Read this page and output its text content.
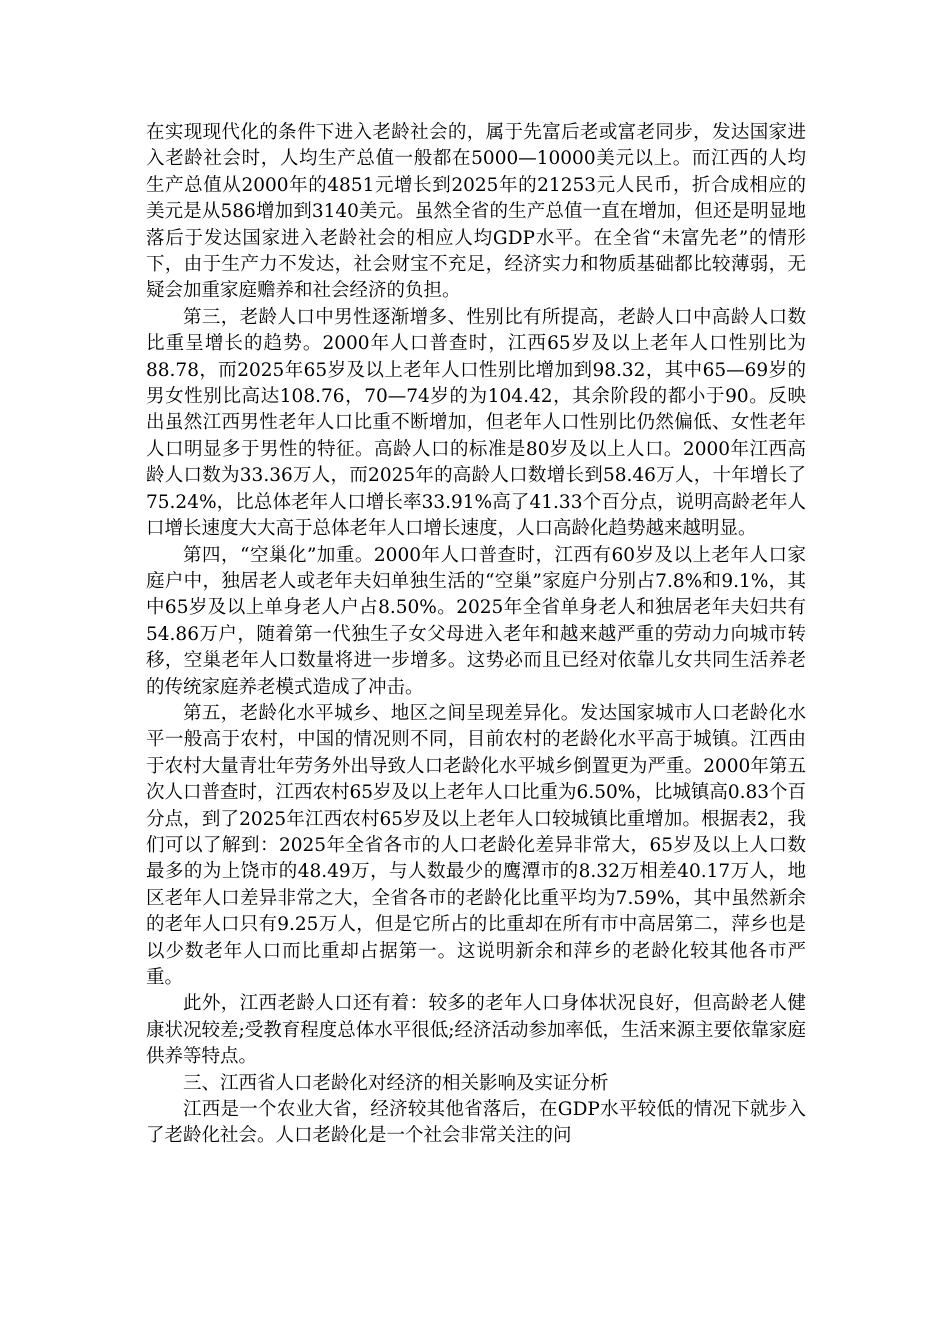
在实现现代化的条件下进入老龄社会的，属于先富后老或富老同步，发达国家进入老龄社会时，人均生产总值一般都在5000—10000美元以上。而江西的人均生产总值从2000年的4851元增长到2025年的21253元人民币，折合成相应的美元是从586增加到3140美元。虽然全省的生产总值一直在增加，但还是明显地落后于发达国家进入老龄社会的相应人均GDP水平。在全省“未富先老”的情形下，由于生产力不发达，社会财宝不充足，经济实力和物质基础都比较薄弱，无疑会加重家庭赡养和社会经济的负担。

第三，老龄人口中男性逐渐增多、性别比有所提高，老龄人口中高龄人口数比重呈增长的趋势。2000年人口普查时，江西65岁及以上老年人口性别比为88.78，而2025年65岁及以上老年人口性别比增加到98.32，其中65—69岁的男女性别比高达108.76，70—74岁的为104.42，其余阶段的都小于90。反映出虽然江西男性老年人口比重不断增加，但老年人口性别比仍然偏低、女性老年人口明显多于男性的特征。高龄人口的标准是80岁及以上人口。2000年江西高龄人口数为33.36万人，而2025年的高龄人口数增长到58.46万人，十年增长了75.24%，比总体老年人口增长率33.91%高了41.33个百分点，说明高龄老年人口增长速度大大高于总体老年人口增长速度，人口高龄化趋势越来越明显。

第四，“空巢化”加重。2000年人口普查时，江西有60岁及以上老年人口家庭户中，独居老人或老年夫妇单独生活的“空巢”家庭户分别占7.8%和9.1%，其中65岁及以上单身老人户占8.50%。2025年全省单身老人和独居老年夫妇共有54.86万户，随着第一代独生子女父母进入老年和越来越严重的劳动力向城市转移，空巢老年人口数量将进一步增多。这势必而且已经对依靠儿女共同生活养老的传统家庭养老模式造成了冲击。

第五，老龄化水平城乡、地区之间呈现差异化。发达国家城市人口老龄化水平一般高于农村，中国的情况则不同，目前农村的老龄化水平高于城镇。江西由于农村大量青壮年劳务外出导致人口老龄化水平城乡倒置更为严重。2000年第五次人口普查时，江西农村65岁及以上老年人口比重为6.50%，比城镇高0.83个百分点，到了2025年江西农村65岁及以上老年人口较城镇比重增加。根据表2，我们可以了解到：2025年全省各市的人口老龄化差异非常大，65岁及以上人口数最多的为上饶市的48.49万，与人数最少的鹰潭市的8.32万相差40.17万人，地区老年人口差异非常之大，全省各市的老龄化比重平均为7.59%，其中虽然新余的老年人口只有9.25万人，但是它所占的比重却在所有市中高居第二，萍乡也是以少数老年人口而比重却占据第一。这说明新余和萍乡的老龄化较其他各市严重。

此外，江西老龄人口还有着：较多的老年人口身体状况良好，但高龄老人健康状况较差;受教育程度总体水平很低;经济活动参加率低，生活来源主要依靠家庭供养等特点。

三、江西省人口老龄化对经济的相关影响及实证分析

江西是一个农业大省，经济较其他省落后，在GDP水平较低的情况下就步入了老龄化社会。人口老龄化是一个社会非常关注的问
